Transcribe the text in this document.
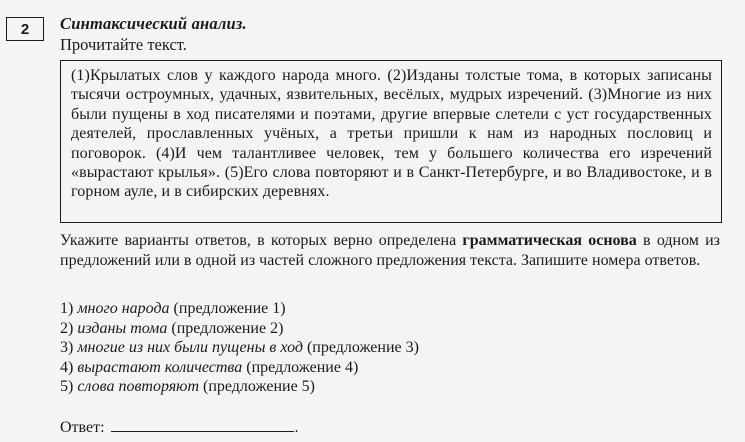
2 Синтаксический анализ.
Прочитайте текст.

(1)Крылатых слов у каждого народа много. (2)Изданы толстые тома, в которых записаны тысячи остроумных, удачных, язвительных, весёлых, мудрых изречений. (3)Многие из них были пущены в ход писателями и поэтами, другие впервые слетели с уст государственных деятелей, прославленных учёных, а третьи пришли к нам из народных пословиц и поговорок. (4)И чем талантливее человек, тем у большего количества его изречений «вырастают крылья». (5)Его слова повторяют и в Санкт-Петербурге, и во Владивостоке, и в горном ауле, и в сибирских деревнях.

Укажите варианты ответов, в которых верно определена грамматическая основа в одном из предложений или в одной из частей сложного предложения текста. Запишите номера ответов.

1) много народа (предложение 1)
2) изданы тома (предложение 2)
3) многие из них были пущены в ход (предложение 3)
4) вырастают количества (предложение 4)
5) слова повторяют (предложение 5)
Ответ:	.
